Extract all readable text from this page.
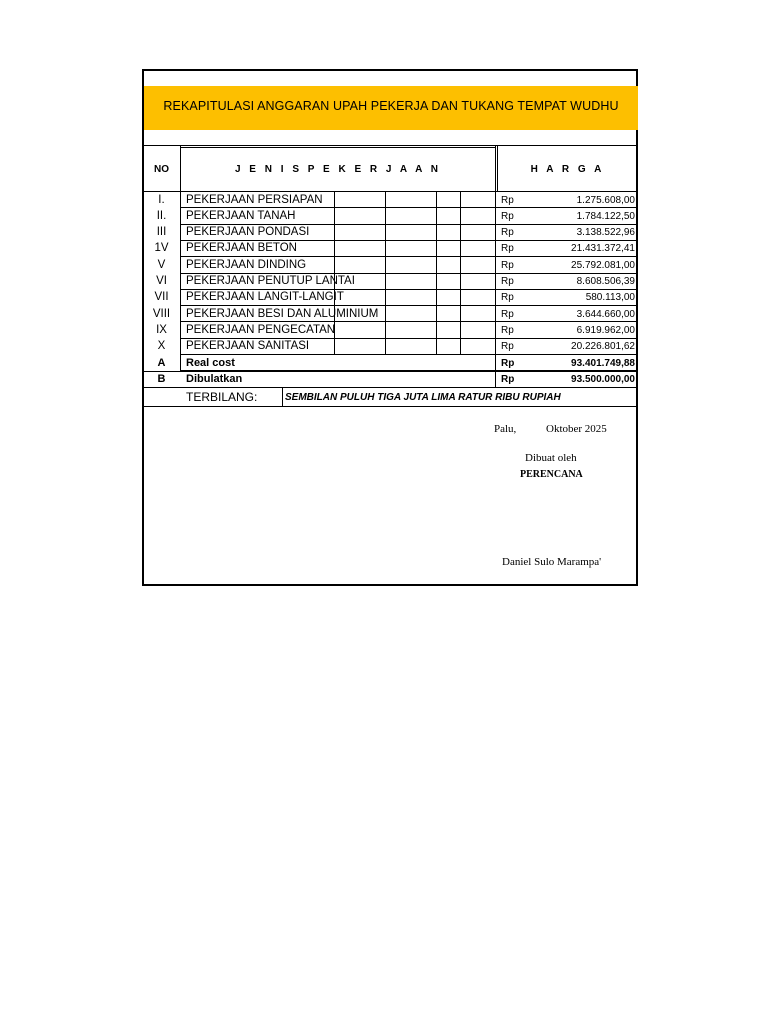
REKAPITULASI ANGGARAN UPAH PEKERJA DAN TUKANG TEMPAT WUDHU
NO	J E N I S P E K E R J A A N	H A R G A
I.	PEKERJAAN PERSIAPAN	Rp	1.275.608,00
II.	PEKERJAAN TANAH	Rp	1.784.122,50
III	PEKERJAAN PONDASI	Rp	3.138.522,96
1V	PEKERJAAN BETON	Rp	21.431.372,41
V	PEKERJAAN DINDING	Rp	25.792.081,00
VI	PEKERJAAN PENUTUP LANTAI	Rp	8.608.506,39
VII	PEKERJAAN LANGIT-LANGIT	Rp	580.113,00
VIII	PEKERJAAN BESI DAN ALUMINIUM	Rp	3.644.660,00
IX	PEKERJAAN PENGECATAN	Rp	6.919.962,00
X	PEKERJAAN SANITASI	Rp	20.226.801,62
A	Real cost	Rp	93.401.749,88
B	Dibulatkan	Rp	93.500.000,00
TERBILANG:	SEMBILAN PULUH TIGA JUTA LIMA RATUR RIBU RUPIAH
Palu,	Oktober 2025
Dibuat oleh
PERENCANA
Daniel Sulo Marampa'
